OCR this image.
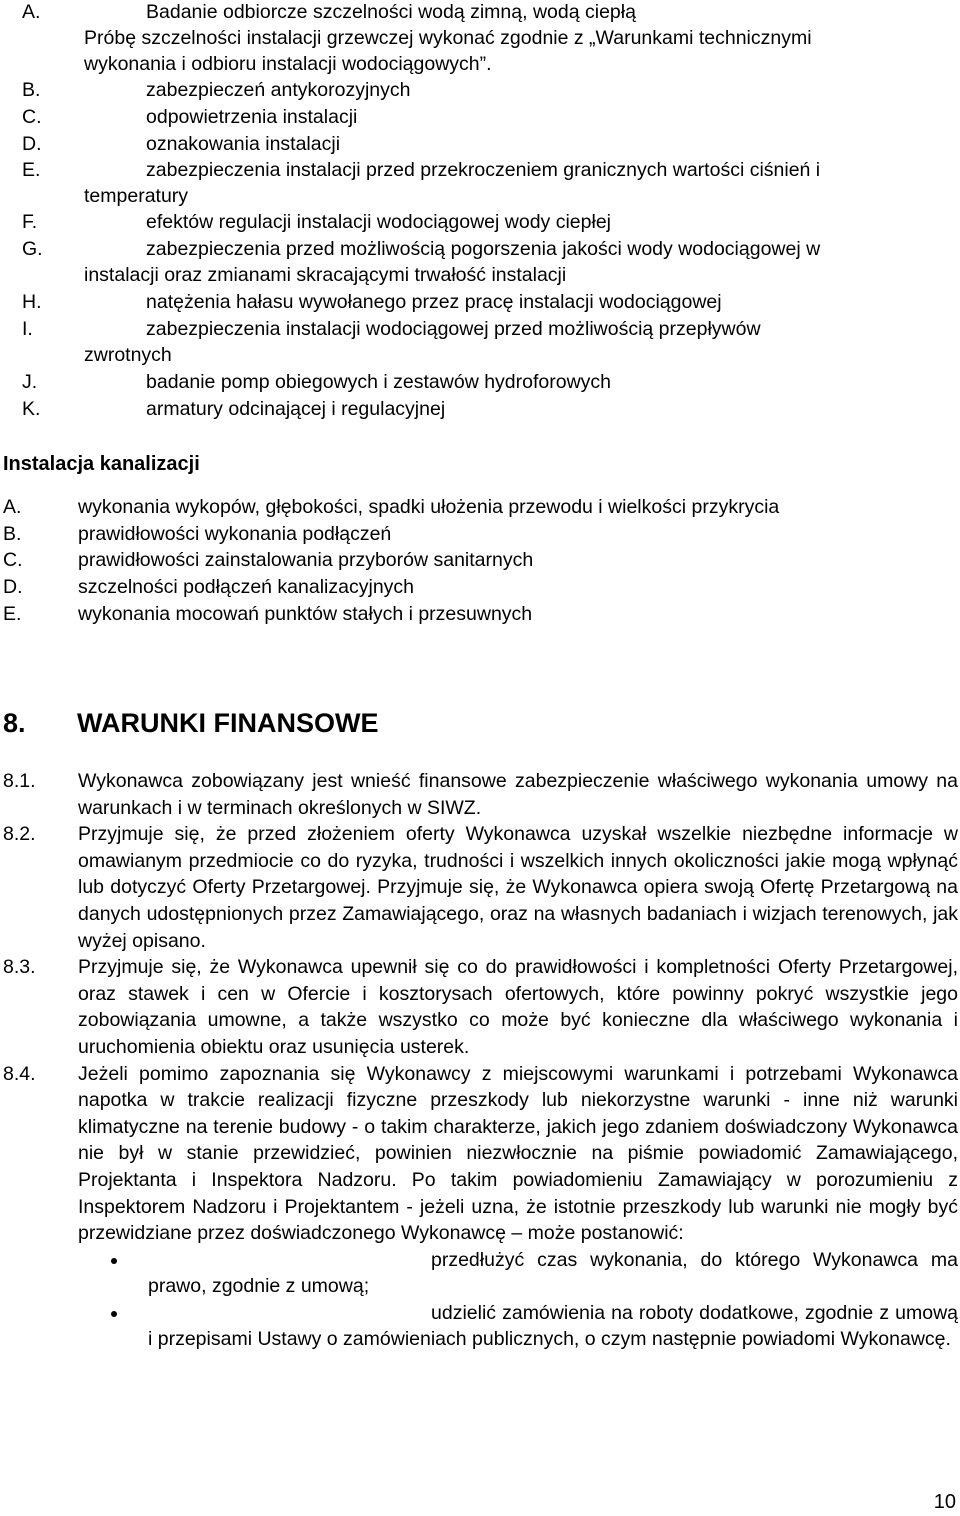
A.	Badanie odbiorcze szczelności wodą zimną, wodą ciepłą
Próbę szczelności instalacji grzewczej wykonać zgodnie z „Warunkami technicznymi
wykonania i odbioru instalacji wodociągowych”.
B.	zabezpieczeń antykorozyjnych
C.	odpowietrzenia instalacji
D.	oznakowania instalacji
E.	zabezpieczenia instalacji przed przekroczeniem granicznych wartości ciśnień i
temperatury
F.	efektów regulacji instalacji wodociągowej wody ciepłej
G.	zabezpieczenia przed możliwością pogorszenia jakości wody wodociągowej w
instalacji oraz zmianami skracającymi trwałość instalacji
H.	natężenia hałasu wywołanego przez pracę instalacji wodociągowej
I.	zabezpieczenia instalacji wodociągowej przed możliwością przepływów
zwrotnych
J.	badanie pomp obiegowych i zestawów hydroforowych
K.	armatury odcinającej i regulacyjnej
Instalacja kanalizacji
A.	wykonania wykopów, głębokości, spadki ułożenia przewodu i wielkości przykrycia
B.	prawidłowości wykonania podłączeń
C.	prawidłowości zainstalowania przyborów sanitarnych
D.	szczelności podłączeń kanalizacyjnych
E.	wykonania mocowań punktów stałych i przesuwnych
8. WARUNKI FINANSOWE
8.1. Wykonawca zobowiązany jest wnieść finansowe zabezpieczenie właściwego wykonania umowy na warunkach i w terminach określonych w SIWZ.
8.2. Przyjmuje się, że przed złożeniem oferty Wykonawca uzyskał wszelkie niezbędne informacje w omawianym przedmiocie co do ryzyka, trudności i wszelkich innych okoliczności jakie mogą wpłynąć lub dotyczyć Oferty Przetargowej. Przyjmuje się, że Wykonawca opiera swoją Ofertę Przetargową na danych udostępnionych przez Zamawiającego, oraz na własnych badaniach i wizjach terenowych, jak wyżej opisano.
8.3. Przyjmuje się, że Wykonawca upewnił się co do prawidłowości i kompletności Oferty Przetargowej, oraz stawek i cen w Ofercie i kosztorysach ofertowych, które powinny pokryć wszystkie jego zobowiązania umowne, a także wszystko co może być konieczne dla właściwego wykonania i uruchomienia obiektu oraz usunięcia usterek.
8.4. Jeżeli pomimo zapoznania się Wykonawcy z miejscowymi warunkami i potrzebami Wykonawca napotka w trakcie realizacji fizyczne przeszkody lub niekorzystne warunki - inne niż warunki klimatyczne na terenie budowy - o takim charakterze, jakich jego zdaniem doświadczony Wykonawca nie był w stanie przewidzieć, powinien niezwłocznie na piśmie powiadomić Zamawiającego, Projektanta i Inspektora Nadzoru. Po takim powiadomieniu Zamawiający w porozumieniu z Inspektorem Nadzoru i Projektantem - jeżeli uzna, że istotnie przeszkody lub warunki nie mogły być przewidziane przez doświadczonego Wykonawcę – może postanowić:
przedłużyć czas wykonania, do którego Wykonawca ma prawo, zgodnie z umową;
udzielić zamówienia na roboty dodatkowe, zgodnie z umową i przepisami Ustawy o zamówieniach publicznych, o czym następnie powiadomi Wykonawcę.
10
